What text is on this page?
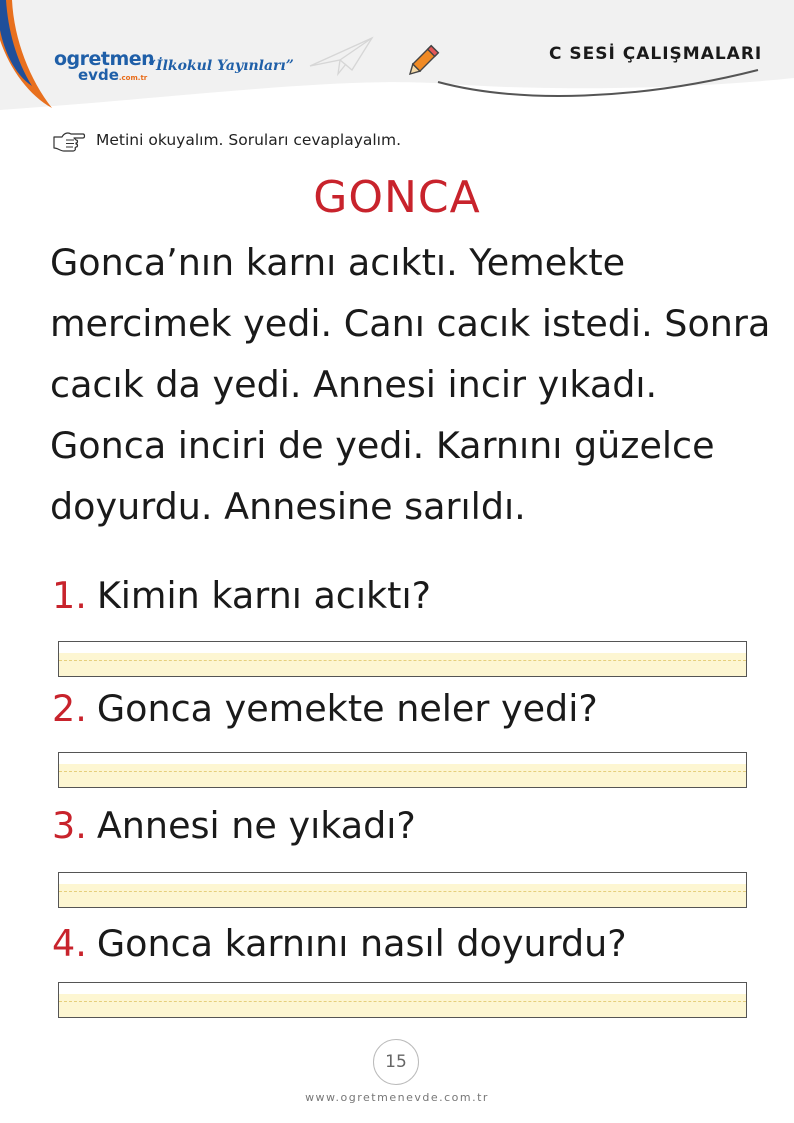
ogretmen
evde.com.tr
“İlkokul Yayınları”
C SESİ ÇALIŞMALARI
Metini okuyalım. Soruları cevaplayalım.
GONCA
Gonca’nın karnı acıktı. Yemekte
mercimek yedi. Canı cacık istedi. Sonra
cacık da yedi. Annesi incir yıkadı.
Gonca inciri de yedi. Karnını güzelce
doyurdu. Annesine sarıldı.
1. Kimin karnı acıktı?
2. Gonca yemekte neler yedi?
3. Annesi ne yıkadı?
4. Gonca karnını nasıl doyurdu?
15
www.ogretmenevde.com.tr
